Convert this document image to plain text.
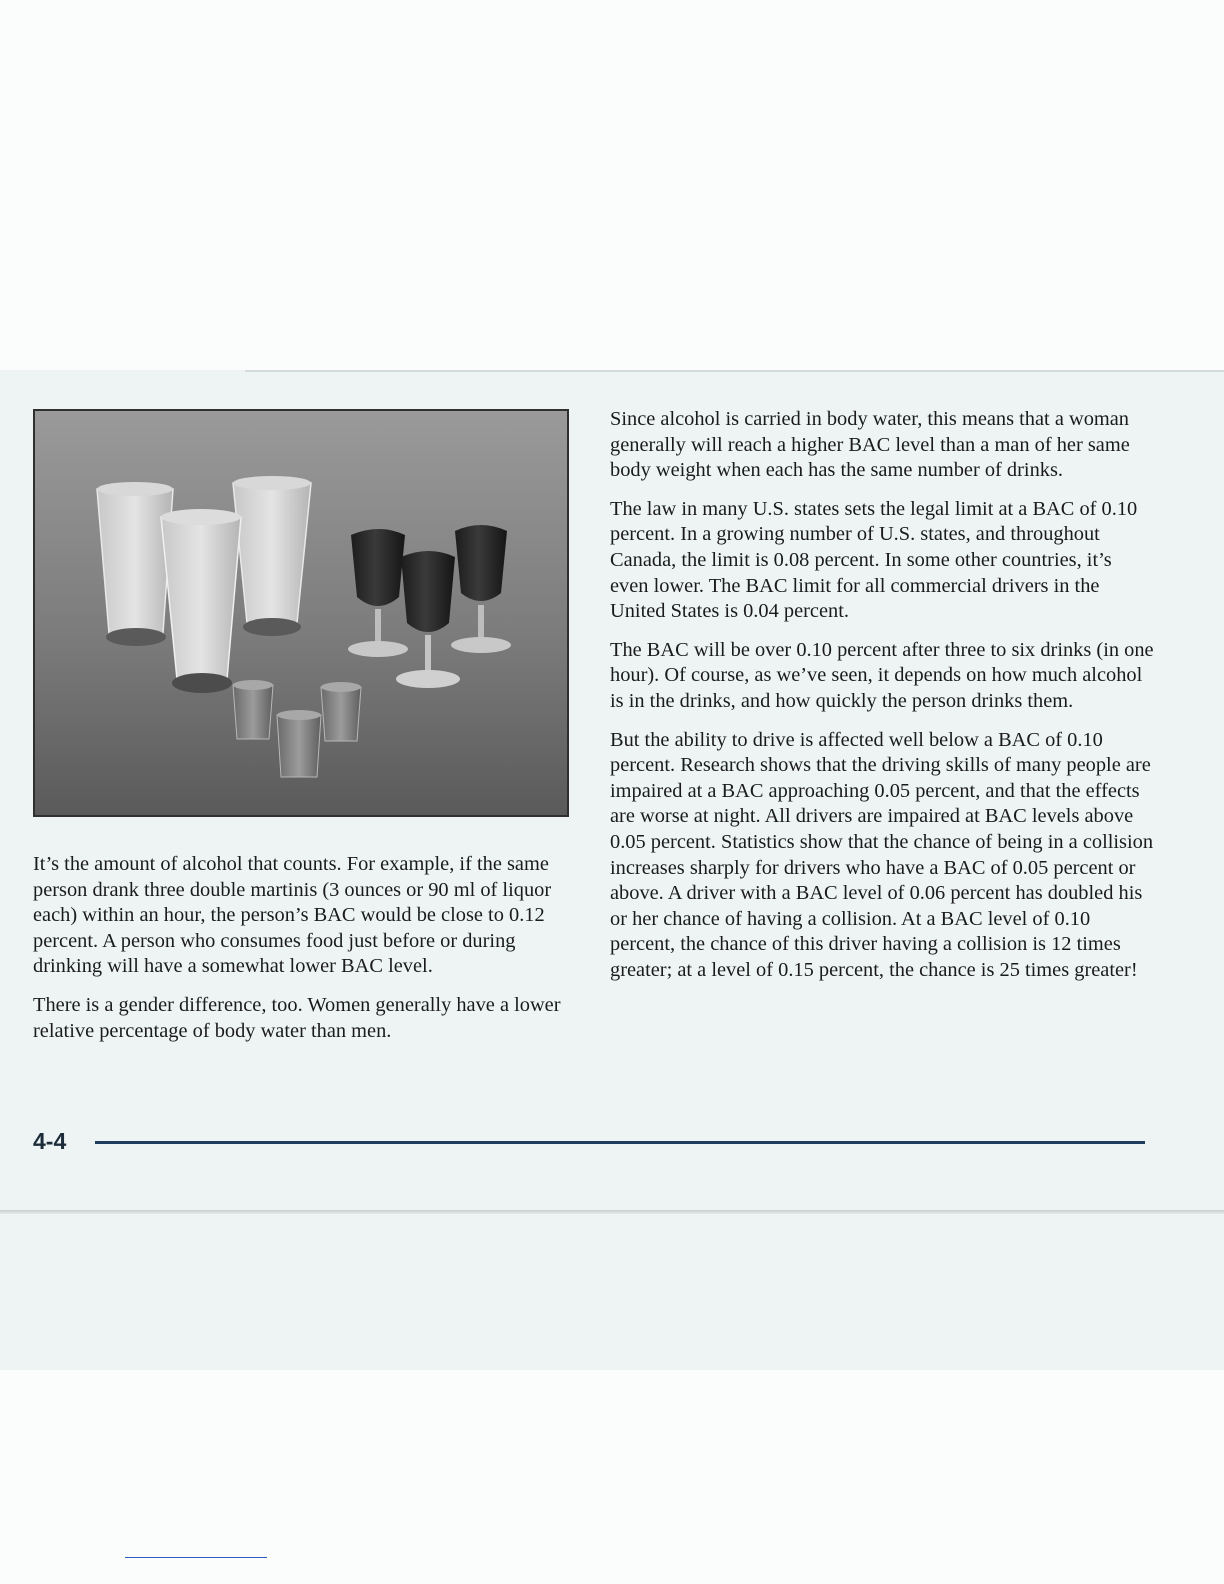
It’s the amount of alcohol that counts. For example, if the same person drank three double martinis (3 ounces or 90 ml of liquor each) within an hour, the person’s BAC would be close to 0.12 percent. A person who consumes food just before or during drinking will have a somewhat lower BAC level.

There is a gender difference, too. Women generally have a lower relative percentage of body water than men.

Since alcohol is carried in body water, this means that a woman generally will reach a higher BAC level than a man of her same body weight when each has the same number of drinks.

The law in many U.S. states sets the legal limit at a BAC of 0.10 percent. In a growing number of U.S. states, and throughout Canada, the limit is 0.08 percent. In some other countries, it’s even lower. The BAC limit for all commercial drivers in the United States is 0.04 percent.

The BAC will be over 0.10 percent after three to six drinks (in one hour). Of course, as we’ve seen, it depends on how much alcohol is in the drinks, and how quickly the person drinks them.

But the ability to drive is affected well below a BAC of 0.10 percent. Research shows that the driving skills of many people are impaired at a BAC approaching 0.05 percent, and that the effects are worse at night. All drivers are impaired at BAC levels above 0.05 percent. Statistics show that the chance of being in a collision increases sharply for drivers who have a BAC of 0.05 percent or above. A driver with a BAC level of 0.06 percent has doubled his or her chance of having a collision. At a BAC level of 0.10 percent, the chance of this driver having a collision is 12 times greater; at a level of 0.15 percent, the chance is 25 times greater!

4-4
